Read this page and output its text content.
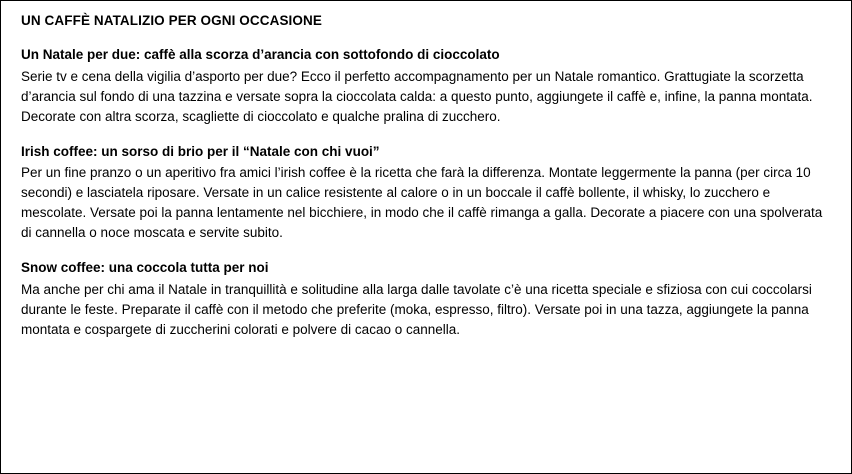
UN CAFFÈ NATALIZIO PER OGNI OCCASIONE
Un Natale per due: caffè alla scorza d’arancia con sottofondo di cioccolato

Serie tv e cena della vigilia d’asporto per due? Ecco il perfetto accompagnamento per un Natale romantico. Grattugiate la scorzetta d’arancia sul fondo di una tazzina e versate sopra la cioccolata calda: a questo punto, aggiungete il caffè e, infine, la panna montata. Decorate con altra scorza, scagliette di cioccolato e qualche pralina di zucchero.

Irish coffee: un sorso di brio per il “Natale con chi vuoi”

Per un fine pranzo o un aperitivo fra amici l’irish coffee è la ricetta che farà la differenza. Montate leggermente la panna (per circa 10 secondi) e lasciatela riposare. Versate in un calice resistente al calore o in un boccale il caffè bollente, il whisky, lo zucchero e mescolate. Versate poi la panna lentamente nel bicchiere, in modo che il caffè rimanga a galla. Decorate a piacere con una spolverata di cannella o noce moscata e servite subito.

Snow coffee: una coccola tutta per noi

Ma anche per chi ama il Natale in tranquillità e solitudine alla larga dalle tavolate c’è una ricetta speciale e sfiziosa con cui coccolarsi durante le feste. Preparate il caffè con il metodo che preferite (moka, espresso, filtro). Versate poi in una tazza, aggiungete la panna montata e cospargete di zuccherini colorati e polvere di cacao o cannella.
